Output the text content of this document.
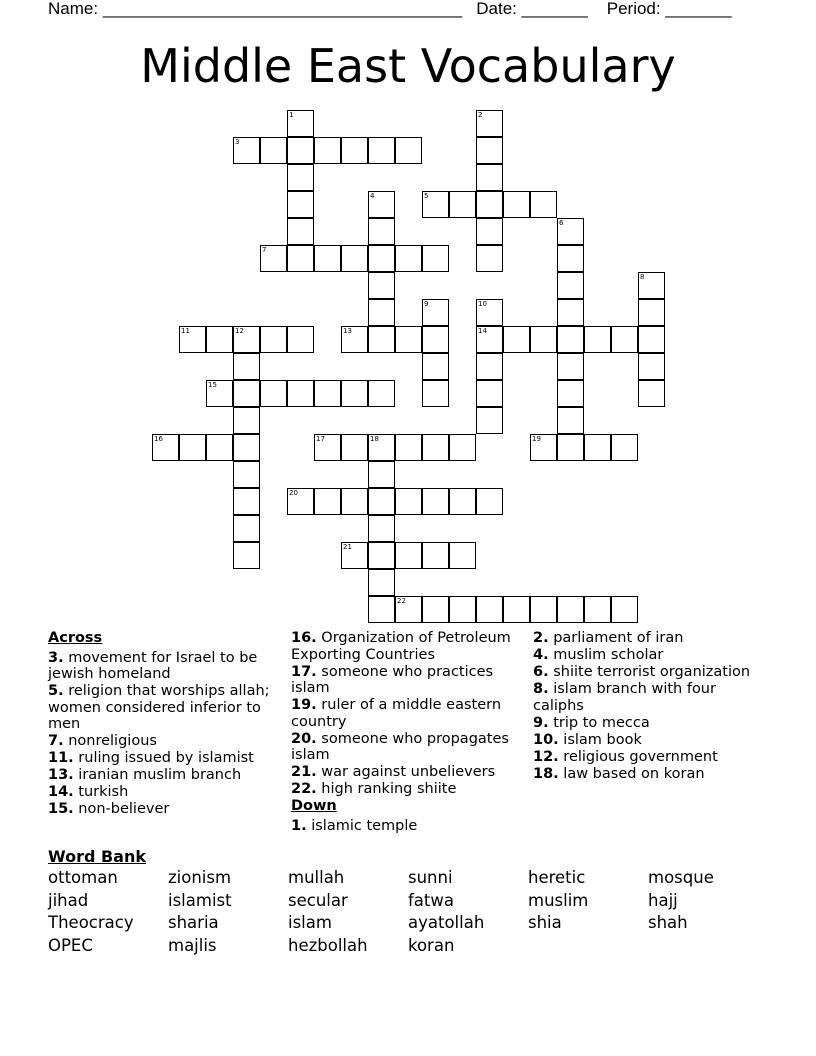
Name: ______________________________________ Date: _______ Period: _______
Middle East Vocabulary
3
5
7
11	12	13	14
15
16	17	18	19
20
21
22
1	2
4
6
8
9	10
Across
3. movement for Israel to be jewish homeland
5. religion that worships allah; women considered inferior to men
7. nonreligious
11. ruling issued by islamist
13. iranian muslim branch
14. turkish
15. non-believer
16. Organization of Petroleum Exporting Countries
17. someone who practices islam
19. ruler of a middle eastern country
20. someone who propagates islam
21. war against unbelievers
22. high ranking shiite
Down
1. islamic temple
2. parliament of iran
4. muslim scholar
6. shiite terrorist organization
8. islam branch with four caliphs
9. trip to mecca
10. islam book
12. religious government
18. law based on koran
Word Bank
ottoman	zionism	mullah	sunni	heretic	mosque
jihad	islamist	secular	fatwa	muslim	hajj
Theocracy	sharia	islam	ayatollah	shia	shah
OPEC	majlis	hezbollah	koran
